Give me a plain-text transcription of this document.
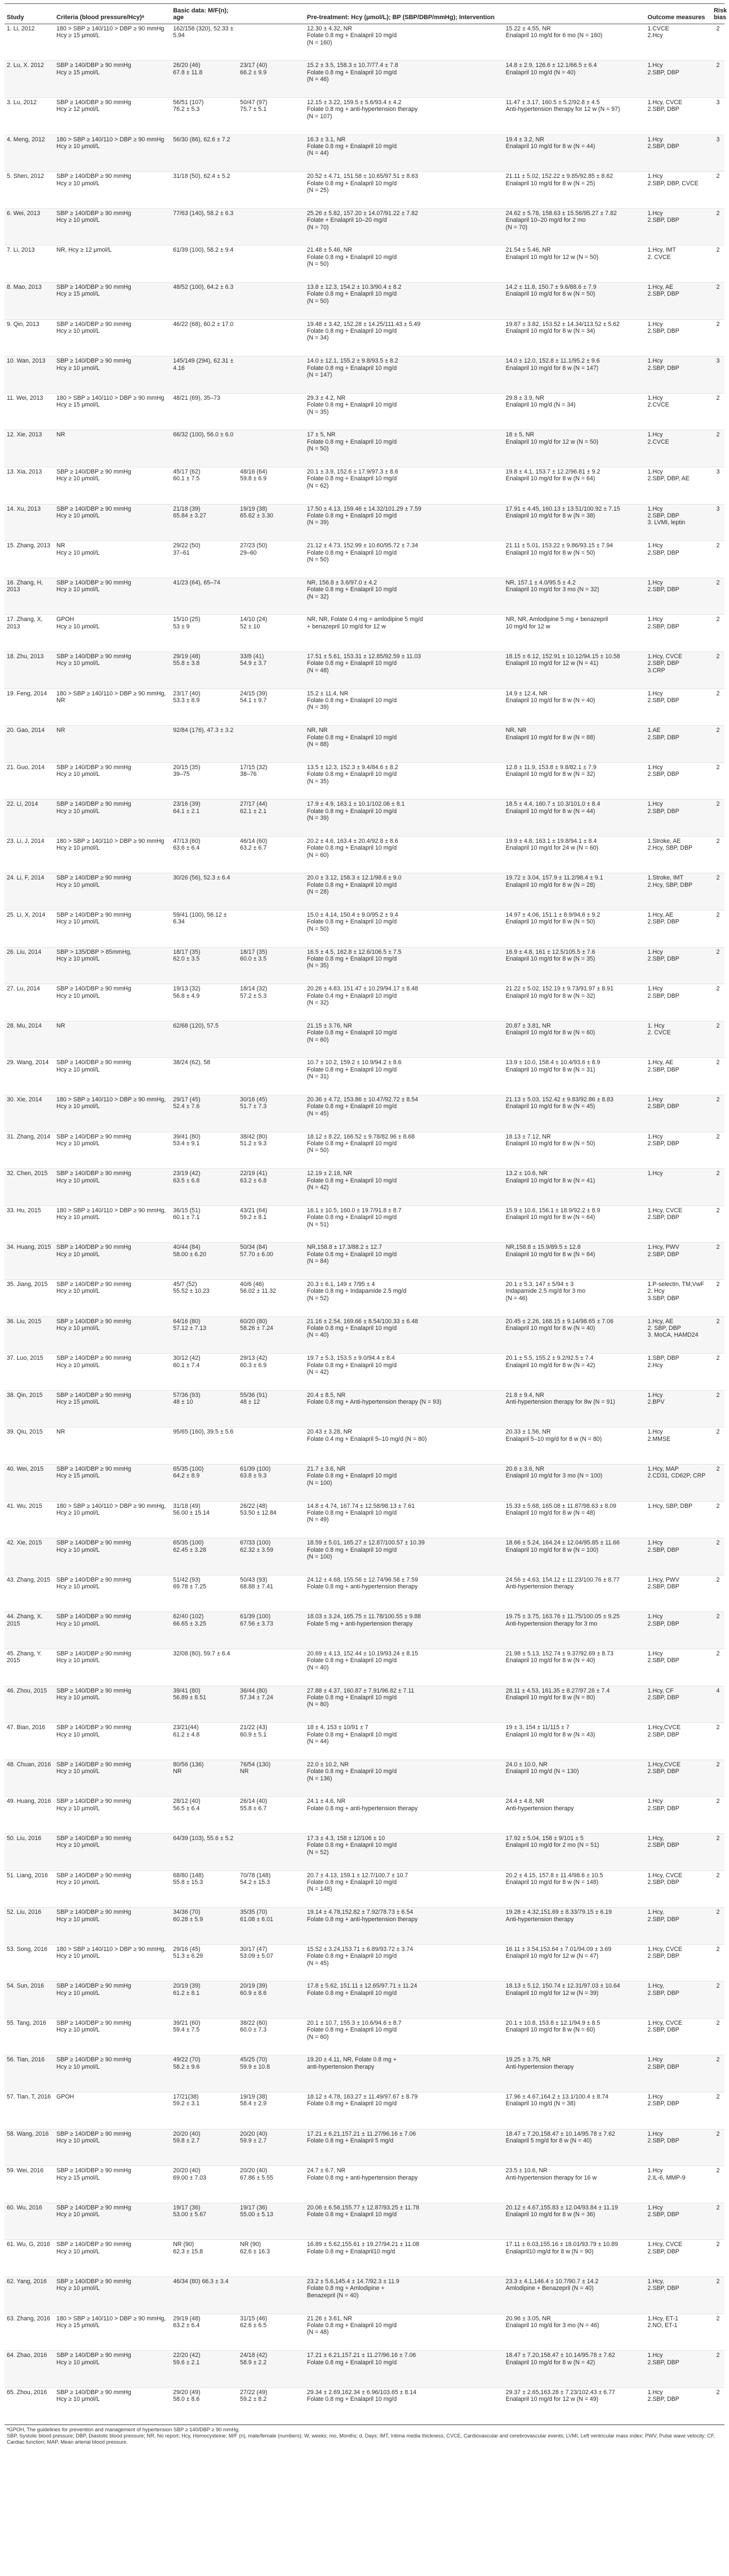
Study	Criteria (blood pressure/Hcy)ᵃ	Basic data: M/F(n); age		Pre-treatment: Hcy (μmol/L); BP (SBP/DBP/mmHg); Intervention		Outcome measures	Risk bias
1. Li, 2012	180 > SBP ≥ 140/110 > DBP ≥ 90 mmHg
Hcy ≥ 15 μmol/L	162/158 (320), 52.33 ± 5.94		12.30 ± 4.32, NR
Folate 0.8 mg + Enalapril 10 mg/d
(N = 160)	15.22 ± 4.55, NR
Enalapril 10 mg/d for 6 mo (N = 160)	1.CVCE
2.Hcy	2
2. Lu, X. 2012	SBP ≥ 140/DBP ≥ 90 mmHg
Hcy ≥ 15 μmol/L	26/20 (46)
67.8 ± 11.8	23/17 (40)
66.2 ± 9.9	15.2 ± 3.5, 158.3 ± 10.7/77.4 ± 7.8
Folate 0.8 mg + Enalapril 10 mg/d
(N = 46)	14.8 ± 2.9, 126.6 ± 12.1/66.5 ± 6.4
Enalapril 10 mg/d (N = 40)	1.Hcy
2.SBP, DBP	2
3. Lu, 2012	SBP ≥ 140/DBP ≥ 90 mmHg
Hcy ≥ 12 μmol/L	56/51 (107)
76.2 ± 5.3	50/47 (97)
75.7 ± 5.1	12.15 ± 3.22, 159.5 ± 5.6/93.4 ± 4.2
Folate 0.8 mg + anti-hypertension therapy
(N = 107)	11.47 ± 3.17, 160.5 ± 5.2/92.8 ± 4.5
Anti-hypertension therapy for 12 w (N = 97)	1.Hcy, CVCE
2.SBP, DBP	3
4. Meng, 2012	180 > SBP ≥ 140/110 > DBP ≥ 90 mmHg
Hcy ≥ 10 μmol/L	56/30 (86), 62.6 ± 7.2		16.3 ± 3.1, NR
Folate 0.8 mg + Enalapril 10 mg/d
(N = 44)	19.4 ± 3.2, NR
Enalapril 10 mg/d for 8 w (N = 44)	1.Hcy
2.SBP, DBP	3
5. Shen, 2012	SBP ≥ 140/DBP ≥ 90 mmHg
Hcy ≥ 10 μmol/L	31/18 (50), 62.4 ± 5.2		20.52 ± 4.71, 151.58 ± 10.65/97.51 ± 8.63
Folate 0.8 mg + Enalapril 10 mg/d
(N = 25)	21.11 ± 5.02, 152.22 ± 9.85/92.85 ± 8.62
Enalapril 10 mg/d for 8 w (N = 25)	1.Hcy
2.SBP, DBP, CVCE	2
6. Wei, 2013	SBP ≥ 140/DBP ≥ 90 mmHg
Hcy ≥ 10 μmol/L	77/63 (140), 58.2 ± 6.3		25.26 ± 5.82, 157.20 ± 14.07/91.22 ± 7.82
Folate + Enalapril 10–20 mg/d
(N = 70)	24.62 ± 5.78, 158.63 ± 15.56/95.27 ± 7.82
Enalapril 10–20 mg/d for 2 mo
(N = 70)	1.Hcy
2.SBP, DBP	2
7. Li, 2013	NR, Hcy ≥ 12 μmol/L	61/39 (100), 58.2 ± 9.4		21.48 ± 5.46, NR
Folate 0.8 mg + Enalapril 10 mg/d
(N = 50)	21.54 ± 5.46, NR
Enalapril 10 mg/d for 12 w (N = 50)	1.Hcy, IMT
2. CVCE	2
8. Mao, 2013	SBP ≥ 140/DBP ≥ 90 mmHg
Hcy ≥ 15 μmol/L	48/52 (100), 64.2 ± 6.3		13.8 ± 12.3, 154.2 ± 10.3/90.4 ± 8.2
Folate 0.8 mg + Enalapril 10 mg/d
(N = 50)	14.2 ± 11.8, 150.7 ± 9.6/88.6 ± 7.9
Enalapril 10 mg/d for 8 w (N = 50)	1.Hcy, AE
2.SBP, DBP	2
9. Qin, 2013	SBP ≥ 140/DBP ≥ 90 mmHg
Hcy ≥ 10 μmol/L	46/22 (68), 60.2 ± 17.0		19.48 ± 3.42, 152.28 ± 14.25/111.43 ± 5.49
Folate 0.8 mg + Enalapril 10 mg/d
(N = 34)	19.87 ± 3.82, 153.52 ± 14.34/113.52 ± 5.62
Enalapril 10 mg/d for 8 w (N = 34)	1.Hcy
2.SBP, DBP	2
10. Wan, 2013	SBP ≥ 140/DBP ≥ 90 mmHg
Hcy ≥ 10 μmol/L	145/149 (294), 62.31 ± 4.16		14.0 ± 12.1, 155.2 ± 9.8/93.5 ± 8.2
Folate 0.8 mg + Enalapril 10 mg/d
(N = 147)	14.0 ± 12.0, 152.8 ± 11.1/95.2 ± 9.6
Enalapril 10 mg/d for 8 w (N = 147)	1.Hcy
2.SBP, DBP	3
11. Wei, 2013	180 > SBP ≥ 140/110 > DBP ≥ 90 mmHg Hcy ≥ 15 μmol/L	48/21 (69), 35–73		29.3 ± 4.2, NR
Folate 0.8 mg + Enalapril 10 mg/d
(N = 35)	29.8 ± 3.9, NR
Enalapril 10 mg/d (N = 34)	1.Hcy
2.CVCE	2
12. Xie, 2013	NR	66/32 (100), 56.0 ± 6.0		17 ± 5, NR
Folate 0.8 mg + Enalapril 10 mg/d
(N = 50)	18 ± 5, NR
Enalapril 10 mg/d for 12 w (N = 50)	1.Hcy
2.CVCE	2
13. Xia, 2013	SBP ≥ 140/DBP ≥ 90 mmHg
Hcy ≥ 10 μmol/L	45/17 (62)
60.1 ± 7.5	48/16 (64)
59.8 ± 6.9	20.1 ± 3.9, 152.6 ± 17.9/97.3 ± 8.6
Folate 0.8 mg + Enalapril 10 mg/d
(N = 62)	19.8 ± 4.1, 153.7 ± 12.2/96.81 ± 9.2
Enalapril 10 mg/d for 8 w (N = 64)	1.Hcy
2.SBP, DBP, AE	3
14. Xu, 2013	SBP ≥ 140/DBP ≥ 90 mmHg
Hcy ≥ 10 μmol/L	21/18 (39)
65.84 ± 3.27	19/19 (38)
65.62 ± 3.30	17.50 ± 4.13, 159.46 ± 14.32/101.29 ± 7.59
Folate 0.8 mg + Enalapril 10 mg/d
(N = 39)	17.91 ± 4.45, 160.13 ± 13.51/100.92 ± 7.15
Enalapril 10 mg/d for 8 w (N = 38)	1.Hcy
2.SBP, DBP
3. LVMI, leptin	3
15. Zhang, 2013	NR
Hcy ≥ 10 μmol/L	29/22 (50)
37–61	27/23 (50)
29–60	21.12 ± 4.73, 152.99 ± 10.60/95.72 ± 7.34
Folate 0.8 mg + Enalapril 10 mg/d
(N = 50)	21.11 ± 5.01, 153.22 ± 9.86/93.15 ± 7.94
Enalapril 10 mg/d for 8 w (N = 50)	1.Hcy
2.SBP, DBP	2
16. Zhang, H, 2013	SBP ≥ 140/DBP ≥ 90 mmHg
Hcy ≥ 10 μmol/L	41/23 (64), 65–74		NR, 156.8 ± 3.6/97.0 ± 4.2
Folate 0.8 mg + Enalapril 10 mg/d
(N = 32)	NR, 157.1 ± 4.0/95.5 ± 4.2
Enalapril 10 mg/d for 3 mo (N = 32)	1.Hcy
2.SBP, DBP	2
17. Zhang, X, 2013	GPOH
Hcy ≥ 10 μmol/L	15/10 (25)
53 ± 9	14/10 (24)
52 ± 10	NR, NR, Folate 0.4 mg + amlodipine 5 mg/d
+ benazepril 10 mg/d for 12 w	NR, NR, Amlodipine 5 mg + benazepril
10 mg/d for 12 w	1.Hcy
2.SBP, DBP	2
18. Zhu, 2013	SBP ≥ 140/DBP ≥ 90 mmHg
Hcy ≥ 10 μmol/L	29/19 (48)
55.8 ± 3.8	33/8 (41)
54.9 ± 3.7	17.51 ± 5.61, 153.31 ± 12.85/92.59 ± 11.03
Folate 0.8 mg + Enalapril 10 mg/d
(N = 48)	18.15 ± 6.12, 152.91 ± 10.12/94.15 ± 10.58
Enalapril 10 mg/d for 12 w (N = 41)	1.Hcy, CVCE
2.SBP, DBP
3.CRP	2
19. Feng, 2014	180 > SBP ≥ 140/110 > DBP ≥ 90 mmHg, NR	23/17 (40)
53.3 ± 8.9	24/15 (39)
54.1 ± 9.7	15.2 ± 11.4, NR
Folate 0.8 mg + Enalapril 10 mg/d
(N = 39)	14.9 ± 12.4, NR
Enalapril 10 mg/d for 8 w (N = 40)	1.Hcy
2.SBP, DBP	2
20. Gao, 2014	NR	92/84 (176), 47.3 ± 3.2		NR, NR
Folate 0.8 mg + Enalapril 10 mg/d
(N = 88)	NR, NR
Enalapril 10 mg/d for 8 w (N = 88)	1.AE
2.SBP, DBP	2
21. Guo, 2014	SBP ≥ 140/DBP ≥ 90 mmHg
Hcy ≥ 10 μmol/L	20/15 (35)
39–75	17/15 (32)
38–76	13.5 ± 12.3, 152.3 ± 9.4/84.6 ± 8.2
Folate 0.8 mg + Enalapril 10 mg/d
(N = 35)	12.8 ± 11.9, 153.8 ± 9.8/82.1 ± 7.9
Enalapril 10 mg/d for 8 w (N = 32)	1.Hcy
2.SBP, DBP	2
22. Li, 2014	SBP ≥ 140/DBP ≥ 90 mmHg
Hcy ≥ 10 μmol/L	23/16 (39)
64.1 ± 2.1	27/17 (44)
62.1 ± 2.1	17.9 ± 4.9, 163.1 ± 10.1/102.06 ± 8.1
Folate 0.8 mg + Enalapril 10 mg/d
(N = 39)	18.5 ± 4.4, 160.7 ± 10.3/101.0 ± 8.4
Enalapril 10 mg/d for 8 w (N = 44)	1.Hcy
2.SBP, DBP	2
23. Li, J, 2014	180 > SBP ≥ 140/110 > DBP ≥ 90 mmHg
Hcy ≥ 10 μmol/L	47/13 (60)
63.6 ± 6.4	46/14 (60)
63.2 ± 6.7	20.2 ± 4.6, 163.4 ± 20.4/92.8 ± 8.6
Folate 0.8 mg + Enalapril 10 mg/d
(N = 60)	19.9 ± 4.8, 163.1 ± 19.8/94.1 ± 8.4
Enalapril 10 mg/d for 24 w (N = 60)	1.Stroke, AE
2.Hcy, SBP, DBP	2
24. Li, F, 2014	SBP ≥ 140/DBP ≥ 90 mmHg
Hcy ≥ 10 μmol/L	30/26 (56), 52.3 ± 6.4		20.0 ± 3.12, 158.3 ± 12.1/98.6 ± 9.0
Folate 0.8 mg + Enalapril 10 mg/d
(N = 28)	19.72 ± 3.04, 157.9 ± 11.2/98.4 ± 9.1
Enalapril 10 mg/d for 8 w (N = 28)	1.Stroke, IMT
2.Hcy, SBP, DBP	2
25. Li, X, 2014	SBP ≥ 140/DBP ≥ 90 mmHg
Hcy ≥ 10 μmol/L	59/41 (100), 56.12 ± 6.34		15.0 ± 4.14, 150.4 ± 9.0/95.2 ± 9.4
Folate 0.8 mg + Enalapril 10 mg/d
(N = 50)	14.97 ± 4.06, 151.1 ± 8.9/94.6 ± 9.2
Enalapril 10 mg/d for 8 w (N = 50)	1.Hcy, AE
2.SBP, DBP	2
26. Liu, 2014	SBP > 135/DBP > 85mmHg,
Hcy ≥ 10 μmol/L	18/17 (35)
62.0 ± 3.5	18/17 (35)
60.0 ± 3.5	16.5 ± 4.5, 162.8 ± 12.6/106.5 ± 7.5
Folate 0.8 mg + Enalapril 10 mg/d
(N = 35)	16.9 ± 4.8, 161 ± 12.5/105.5 ± 7.6
Enalapril 10 mg/d for 8 w (N = 35)	1.Hcy
2.SBP, DBP	2
27. Lu, 2014	SBP ≥ 140/DBP ≥ 90 mmHg
Hcy ≥ 10 μmol/L	19/13 (32)
56.8 ± 4.9	18/14 (32)
57.2 ± 5.3	20.26 ± 4.83, 151.47 ± 10.29/94.17 ± 8.48
Folate 0.4 mg + Enalapril 10 mg/d
(N = 32)	21.22 ± 5.02, 152.19 ± 9.73/91.97 ± 8.91
Enalapril 10 mg/d for 8 w (N = 32)	1.Hcy
2.SBP, DBP	2
28. Mu, 2014	NR	62/68 (120), 57.5		21.15 ± 3.76, NR
Folate 0.8 mg + Enalapril 10 mg/d
(N = 60)	20.87 ± 3.81, NR
Enalapril 10 mg/d for 8 w (N = 60)	1. Hcy
2. CVCE	2
29. Wang, 2014	SBP ≥ 140/DBP ≥ 90 mmHg
Hcy ≥ 10 μmol/L	38/24 (62), 58		10.7 ± 10.2, 159.2 ± 10.9/94.2 ± 8.6
Folate 0.8 mg + Enalapril 10 mg/d
(N = 31)	13.9 ± 10.0, 158.4 ± 10.4/93.6 ± 8.9
Enalapril 10 mg/d for 8 w (N = 31)	1.Hcy, AE
2.SBP, DBP	2
30. Xie, 2014	180 > SBP ≥ 140/110 > DBP ≥ 90 mmHg, Hcy ≥ 10 μmol/L	29/17 (45)
52.4 ± 7.6	30/16 (45)
51.7 ± 7.3	20.36 ± 4.72, 153.86 ± 10.47/92.72 ± 8.54
Folate 0.8 mg + Enalapril 10 mg/d
(N = 45)	21.13 ± 5.03, 152.42 ± 9.83/92.86 ± 8.83
Enalapril 10 mg/d for 8 w (N = 45)	1.Hcy
2.SBP, DBP	2
31. Zhang, 2014	SBP ≥ 140/DBP ≥ 90 mmHg
Hcy ≥ 10 μmol/L	39/41 (80)
53.4 ± 9.1	38/42 (80)
51.2 ± 9.3	18.12 ± 8.22, 166.52 ± 9.78/82.96 ± 8.68
Folate 0.8 mg + Enalapril 10 mg/d
(N = 50)	18.13 ± 7.12, NR
Enalapril 10 mg/d for 8 w (N = 50)	1.Hcy
2.SBP, DBP	2
32. Chen, 2015	SBP ≥ 140/DBP ≥ 90 mmHg
Hcy ≥ 10 μmol/L	23/19 (42)
63.5 ± 6.8	22/19 (41)
63.2 ± 6.8	12.19 ± 2.18, NR
Folate 0.8 mg + Enalapril 10 mg/d
(N = 42)	13.2 ± 10.6, NR
Enalapril 10 mg/d for 8 w (N = 41)	1.Hcy	2
33. Hu, 2015	180 > SBP ≥ 140/110 > DBP ≥ 90 mmHg, Hcy ≥ 10 μmol/L	36/15 (51)
60.1 ± 7.1	43/21 (64)
59.2 ± 8.1	16.1 ± 10.5, 160.0 ± 19.7/91.8 ± 8.7
Folate 0.8 mg + Enalapril 10 mg/d
(N = 51)	15.9 ± 10.6, 156.1 ± 18.9/92.2 ± 8.9
Enalapril 10 mg/d for 8 w (N = 64)	1.Hcy, CVCE
2.SBP, DBP	2
34. Huang, 2015	SBP ≥ 140/DBP ≥ 90 mmHg
Hcy ≥ 10 μmol/L	40/44 (84)
58.00 ± 6.20	50/34 (84)
57.70 ± 6.00	NR,158.8 ± 17.3/88.2 ± 12.7
Folate 0.8 mg + Enalapril 10 mg/d
(N = 84)	NR,158.8 ± 15.9/89.5 ± 12.8
Enalapril 10 mg/d for 8 w (N = 84)	1.Hcy, PWV
2.SBP, DBP	2
35. Jiang, 2015	SBP ≥ 140/DBP ≥ 90 mmHg
Hcy ≥ 10 μmol/L	45/7 (52)
55.52 ± 10.23	40/6 (46)
56.02 ± 11.32	20.3 ± 6.1, 149 ± 7/95 ± 4
Folate 0.8 mg + Indapamide 2.5 mg/d
(N = 52)	20.1 ± 5.3, 147 ± 5/94 ± 3
Indapamide 2.5 mg/d for 3 mo
(N = 46)	1.P-selectin, TM,VwF
2. Hcy
3.SBP, DBP	2
36. Liu, 2015	SBP ≥ 140/DBP ≥ 90 mmHg
Hcy ≥ 10 μmol/L	64/16 (80)
57.12 ± 7.13	60/20 (80)
58.26 ± 7.24	21.16 ± 2.54, 169.66 ± 8.54/100.33 ± 6.48
Folate 0.8 mg + Enalapril 10 mg/d
(N = 40)	20.45 ± 2.26, 168.15 ± 9.14/98.65 ± 7.06
Enalapril 10 mg/d for 8 w (N = 40)	1.Hcy, AE
2. SBP, DBP
3. MoCA, HAMD24	2
37. Luo, 2015	SBP ≥ 140/DBP ≥ 90 mmHg
Hcy ≥ 10 μmol/L	30/12 (42)
60.1 ± 7.4	29/13 (42)
60.3 ± 6.9	19.7 ± 5.3, 153.5 ± 9.0/94.4 ± 8.4
Folate 0.8 mg + Enalapril 10 mg/d
(N = 42)	20.1 ± 5.5, 155.2 ± 9.2/92.5 ± 7.4
Enalapril 10 mg/d for 8 w (N = 42)	1.SBP, DBP
2.Hcy	2
38. Qin, 2015	SBP ≥ 140/DBP ≥ 90 mmHg
Hcy ≥ 15 μmol/L	57/36 (93)
48 ± 10	55/36 (91)
48 ± 12	20.4 ± 8.5, NR
Folate 0.8 mg + Anti-hypertension therapy (N = 93)	21.8 ± 9.4, NR
Anti-hypertension therapy for 8w (N = 91)	1.Hcy
2.BPV	2
39. Qiu, 2015	NR	95/65 (160), 39.5 ± 5.6		20.43 ± 3.28, NR
Folate 0.4 mg + Enalapril 5–10 mg/d (N = 80)	20.33 ± 1.56, NR
Enalapril 5–10 mg/d for 8 w (N = 80)	1.Hcy
2.MMSE	2
40. Wei, 2015	SBP ≥ 140/DBP ≥ 90 mmHg
Hcy ≥ 15 μmol/L	65/35 (100)
64.2 ± 8.9	61/39 (100)
63.8 ± 9.3	21.7 ± 3.6, NR
Folate 0.8 mg + Enalapril 10 mg/d
(N = 100)	20.6 ± 3.6, NR
Enalapril 10 mg/d for 3 mo (N = 100)	1.Hcy, MAP
2.CD31, CD62P, CRP	2
41. Wu, 2015	180 > SBP ≥ 140/110 > DBP ≥ 90 mmHg, Hcy ≥ 10 μmol/L	31/18 (49)
56.00 ± 15.14	26/22 (48)
53.50 ± 12.84	14.8 ± 4.74, 167.74 ± 12.58/98.13 ± 7.61
Folate 0.8 mg + Enalapril 10 mg/d
(N = 49)	15.33 ± 5.68, 165.08 ± 11.87/98.63 ± 8.09
Enalapril 10 mg/d for 8 w (N = 48)	1.Hcy, SBP, DBP	2
42. Xie, 2015	SBP ≥ 140/DBP ≥ 90 mmHg
Hcy ≥ 10 μmol/L	65/35 (100)
62.45 ± 3.28	67/33 (100)
62.32 ± 3.59	18.59 ± 5.01, 165.27 ± 12.87/100.57 ± 10.39
Folate 0.8 mg + Enalapril 10 mg/d
(N = 100)	18.66 ± 5.24, 164.24 ± 12.04/95.85 ± 11.66
Enalapril 10 mg/d for 8 w (N = 100)	1.Hcy
2.SBP, DBP	2
43. Zhang, 2015	SBP ≥ 140/DBP ≥ 90 mmHg
Hcy ≥ 10 μmol/L	51/42 (93)
69.78 ± 7.25	50/43 (93)
68.88 ± 7.41	24.12 ± 4.68, 155.56 ± 12.74/96.58 ± 7.59
Folate 0.8 mg + anti-hypertension therapy	24.56 ± 4.63, 154.12 ± 11.23/100.76 ± 8.77
Anti-hypertension therapy	1.Hcy, PWV
2.SBP, DBP	2
44. Zhang, X. 2015	SBP ≥ 140/DBP ≥ 90 mmHg
Hcy ≥ 10 μmol/L	62/40 (102)
66.65 ± 3.25	61/39 (100)
67.56 ± 3.73	18.03 ± 3.24, 165.75 ± 11.78/100.55 ± 9.88
Folate 5 mg + anti-hypertension therapy	19.75 ± 3.75, 163.76 ± 11.75/100.05 ± 9.25
Anti-hypertension therapy for 3 mo	1.Hcy
2.SBP, DBP	2
45. Zhang, Y. 2015	SBP ≥ 140/DBP ≥ 90 mmHg
Hcy ≥ 10 μmol/L	32/08 (80), 59.7 ± 6.4		20.69 ± 4.13, 152.44 ± 10.19/93.24 ± 8.15
Folate 0.8 mg + Enalapril 10 mg/d
(N = 40)	21.98 ± 5.13, 152.74 ± 9.37/92.69 ± 8.73
Enalapril 10 mg/d for 8 w (N = 40)	1.Hcy
2.SBP, DBP	2
46. Zhou, 2015	SBP ≥ 140/DBP ≥ 90 mmHg
Hcy ≥ 10 μmol/L	39/41 (80)
56.89 ± 8.51	36/44 (80)
57.34 ± 7.24	27.88 ± 4.37, 160.87 ± 7.91/96.82 ± 7.11
Folate 0.8 mg + Enalapril 10 mg/d
(N = 80)	28.11 ± 4.53, 161.35 ± 8.27/97.26 ± 7.4
Enalapril 10 mg/d for 8 w (N = 80)	1.Hcy, CF
2.SBP, DBP	4
47. Bian, 2016	SBP ≥ 140/DBP ≥ 90 mmHg
Hcy ≥ 10 μmol/L	23/21(44)
61.2 ± 4.8	21/22 (43)
60.9 ± 5.1	18 ± 4, 153 ± 10/91 ± 7
Folate 0.8 mg + Enalapril 10 mg/d
(N = 44)	19 ± 3, 154 ± 11/115 ± 7
Enalapril 10 mg/d for 8 w (N = 43)	1.Hcy,CVCE
2.SBP, DBP	2
48. Chuan, 2016	SBP ≥ 140/DBP ≥ 90 mmHg
Hcy ≥ 10 μmol/L	80/56 (136)
NR	76/54 (130)
NR	22.0 ± 10.2, NR
Folate 0.8 mg + Enalapril 10 mg/d
(N = 136)	24.0 ± 10.0, NR
Enalapril 10 mg/d (N = 130)	1.Hcy,CVCE
2.SBP, DBP	2
49. Huang, 2016	SBP ≥ 140/DBP ≥ 90 mmHg
Hcy ≥ 10 μmol/L	28/12 (40)
56.5 ± 6.4	26/14 (40)
55.8 ± 6.7	24.1 ± 4.6, NR
Folate 0.8 mg + anti-hypertension therapy	24.4 ± 4.8, NR
Anti-hypertension therapy	1.Hcy
2.SBP, DBP	2
50. Liu, 2016	SBP ≥ 140/DBP ≥ 90 mmHg
Hcy ≥ 10 μmol/L	64/39 (103), 55.6 ± 5.2		17.3 ± 4.3, 158 ± 12/106 ± 10
Folate 0.8 mg + Enalapril 10 mg/d
(N = 52)	17.92 ± 5.04, 158 ± 9/101 ± 5
Enalapril 10 mg/d for 2 mo (N = 51)	1.Hcy,
2.SBP, DBP	2
51. Liang, 2016	SBP ≥ 140/DBP ≥ 90 mmHg
Hcy ≥ 10 μmol/L	68/80 (148)
55.8 ± 15.3	70/78 (148)
54.2 ± 15.3	20.7 ± 4.13, 159.1 ± 12.7/100.7 ± 10.7
Folate 0.8 mg + Enalapril 10 mg/d
(N = 148)	20.2 ± 4.15, 157.8 ± 11.4/98.6 ± 10.5
Enalapril 10 mg/d for 8 w (N = 148)	1.Hcy, CVCE
2.SBP, DBP	2
52. Liu, 2016	SBP ≥ 140/DBP ≥ 90 mmHg
Hcy ≥ 10 μmol/L	34/36 (70)
60.28 ± 5.9	35/35 (70)
61.08 ± 6.01	19.14 ± 4.78,152.82 ± 7.92/78.73 ± 6.54
Folate 0.8 mg + anti-hypertension therapy	19.28 ± 4.32,151.69 ± 8.33/79.15 ± 6.19
Anti-hypertension therapy	1.Hcy,
2.SBP, DBP	2
53. Song, 2016	180 > SBP ≥ 140/110 > DBP ≥ 90 mmHg, Hcy ≥ 10 μmol/L	29/16 (45)
51.3 ± 6.29	30/17 (47)
53.09 ± 5.07	15.52 ± 3.24,153.71 ± 6.89/93.72 ± 3.74
Folate 0.8 mg + Enalapril 10 mg/d
(N = 45)	16.11 ± 3.54,153.64 ± 7.01/94.09 ± 3.69
Enalapril 10 mg/d for 12 w (N = 47)	1.Hcy, CVCE
2.SBP, DBP	2
54. Sun, 2016	SBP ≥ 140/DBP ≥ 90 mmHg
Hcy ≥ 10 μmol/L	20/19 (39)
61.2 ± 8.1	20/19 (39)
60.9 ± 8.6	17.8 ± 5.62, 151.11 ± 12.65/97.71 ± 11.24
Folate 0.8 mg + Enalapril 10 mg/d	18.13 ± 5.12, 150.74 ± 12.31/97.03 ± 10.64
Enalapril 10 mg/d for 12 w (N = 39)	1.Hcy,
2.SBP, DBP	2
55. Tang, 2016	SBP ≥ 140/DBP ≥ 90 mmHg
Hcy ≥ 10 μmol/L	39/21 (60)
59.4 ± 7.5	38/22 (60)
60.0 ± 7.3	20.1 ± 10.7, 155.3 ± 10.6/94.6 ± 8.7
Folate 0.8 mg + Enalapril 10 mg/d
(N = 60)	20.1 ± 10.8, 153.8 ± 12.1/94.9 ± 8.5
Enalapril 10 mg/d for 8 w (N = 60)	1.Hcy, CVCE
2.SBP, DBP	2
56. Tian, 2016	SBP ≥ 140/DBP ≥ 90 mmHg
Hcy ≥ 10 μmol/L	49/22 (70)
58.2 ± 9.6	45/25 (70)
59.9 ± 10.8	19.20 ± 4.11, NR, Folate 0.8 mg +
anti-hypertension therapy	19.25 ± 3.75, NR
Anti-hypertension therapy	1.Hcy
2.SBP, DBP	2
57. Tian, T, 2016	GPOH	17/21(38)
59.2 ± 3.1	19/19 (38)
58.4 ± 2.9	18.12 ± 4.78, 163.27 ± 11.49/97.67 ± 8.79
Folate 0.8 mg + Enalapril 10 mg/d	17.96 ± 4.67,164.2 ± 13.1/100.4 ± 8.74
Enalapril 10 mg/d (N = 38)	1.Hcy
2.SBP, DBP	2
58. Wang, 2016	SBP ≥ 140/DBP ≥ 90 mmHg
Hcy ≥ 10 μmol/L	20/20 (40)
59.8 ± 2.7	20/20 (40)
59.9 ± 2.7	17.21 ± 6.21,157.21 ± 11.27/96.16 ± 7.06
Folate 0.8 mg + Enalapril 5 mg/d	18.47 ± 7.20,158.47 ± 10.14/95.78 ± 7.62
Enalapril 5 mg/d for 8 w (N = 40)	1.Hcy
2.SBP, DBP	2
59. Wei, 2016	SBP ≥ 140/DBP ≥ 90 mmHg
Hcy ≥ 15 μmol/L	20/20 (40)
69.00 ± 7.03	20/20 (40)
67.86 ± 5.55	24.7 ± 6.7, NR
Folate 0.8 mg + anti-hypertension therapy	23.5 ± 10.6, NR
Anti-hypertension therapy for 16 w	1.Hcy
2.IL-6, MMP-9	2
60. Wu, 2016	SBP ≥ 140/DBP ≥ 90 mmHg
Hcy ≥ 10 μmol/L	19/17 (36)
53.00 ± 5.67	19/17 (36)
55.00 ± 5.13	20.06 ± 6.56,155.77 ± 12.87/93.25 ± 11.78
Folate 0.8 mg + Enalapril 10 mg/d	20.12 ± 4.67,155.83 ± 12.04/93.84 ± 11.19
Enalapril 10 mg/d for 8 w (N = 36)	1.Hcy
2.SBP, DBP	2
61. Wu, G, 2016	SBP ≥ 140/DBP ≥ 90 mmHg
Hcy ≥ 10 μmol/L	NR (90)
62.3 ± 15.8	NR (90)
62.6 ± 16.3	16.89 ± 5.62,155.61 ± 19.27/94.21 ± 11.08
Folate 0.8 mg + Enalapril10 mg/d	17.11 ± 6.03,155.16 ± 18.01/93.79 ± 10.89
Enalapril10 mg/d for 8 w (N = 90)	1.Hcy, CVCE
2.SBP, DBP	2
62. Yang, 2016	SBP ≥ 140/DBP ≥ 90 mmHg
Hcy ≥ 10 μmol/L	46/34 (80) 66.3 ± 3.4		23.2 ± 5.6,145.4 ± 14.7/92.3 ± 11.9
Folate 0.8 mg + Amlodipine +
Benazepril (N = 40)	23.3 ± 4.1,146.4 ± 10.7/90.7 ± 14.2
Amlodipine + Benazepril (N = 40)	1.Hcy,
2.SBP, DBP	2
63. Zhang, 2016	180 > SBP ≥ 140/110 > DBP ≥ 90 mmHg, Hcy ≥ 15 μmol/L	29/19 (48)
63.2 ± 6.4	31/15 (46)
62.6 ± 6.5	21.26 ± 3.61, NR
Folate 0.8 mg + Enalapril 10 mg/d
(N = 48)	20.96 ± 3.05, NR
Enalapril 10 mg/d for 3 mo (N = 46)	1.Hcy, ET-1
2.NO, ET-1	2
64. Zhao, 2016	SBP ≥ 140/DBP ≥ 90 mmHg
Hcy ≥ 10 μmol/L	22/20 (42)
59.6 ± 2.1	24/18 (42)
58.9 ± 2.2	17.21 ± 6.21,157.21 ± 11.27/96.16 ± 7.06
Folate 0.8 mg + Enalapril 10 mg/d	18.47 ± 7.20,158.47 ± 10.14/95.78 ± 7.62
Enalapril 10 mg/d for 8 w (N = 42)	1.Hcy
2.SBP, DBP	2
65. Zhou, 2016	SBP ≥ 140/DBP ≥ 90 mmHg
Hcy ≥ 10 μmol/L	29/20 (49)
58.0 ± 8.6	27/22 (49)
59.2 ± 8.2	29.34 ± 2.69,162.34 ± 6.96/103.65 ± 8.14
Folate 0.8 mg + Enalapril 10 mg/d	29.37 ± 2.65,163.28 ± 7.23/102.43 ± 6.77
Enalapril 10 mg/d for 12 w (N = 49)	1.Hcy
2.SBP, DBP	2
ᵃGPOH, The guidelines for prevention and management of hypertension SBP ≥ 140/DBP ≥ 90 mmHg.
SBP, Systolic blood pressure; DBP, Diastolic blood pressure; NR, No report; Hcy, Homocysteine; M/F (n), male/female (numbers); W, weeks; mo, Months; d, Days; IMT, Intima media thickness; CVCE, Cardiovascular and cerebrovascular events; LVMI, Left ventricular mass index; PWV, Pulse wave velocity; CF, Cardiac function; MAP, Mean arterial blood pressure.
